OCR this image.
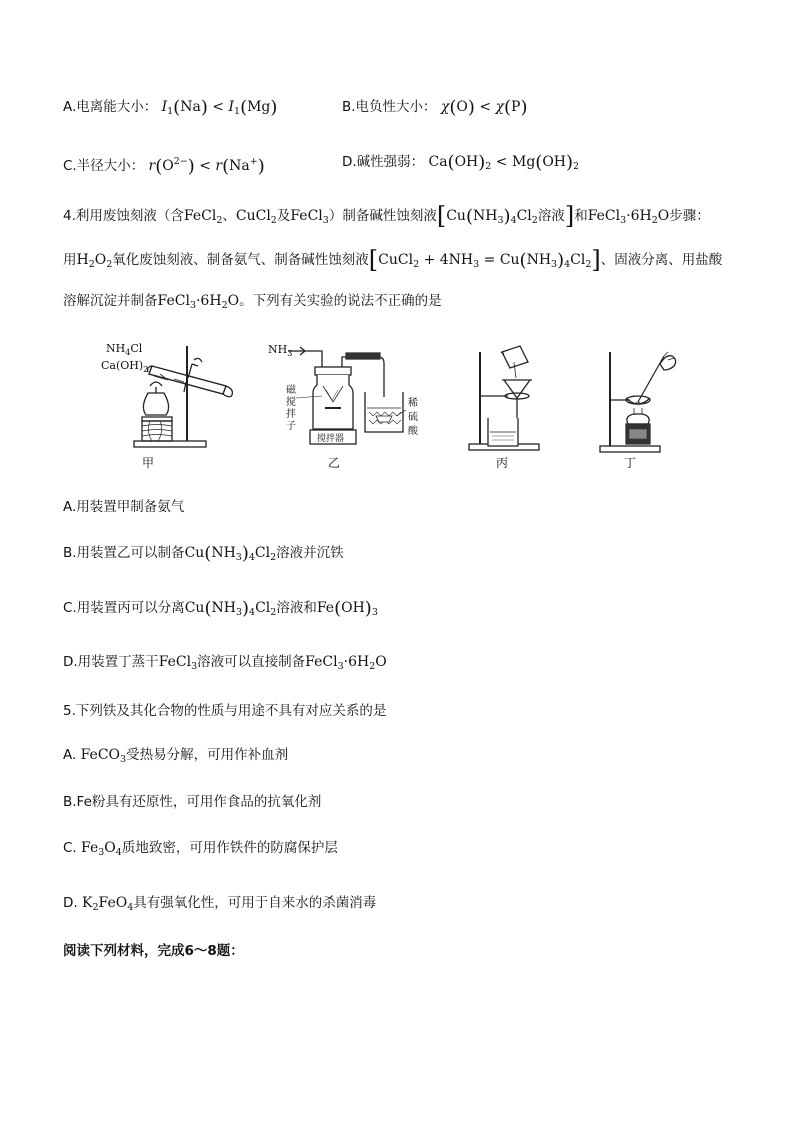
A.电离能大小： $I_1(Na) < I_1(Mg)$	B.电负性大小： χ(O) < χ(P)
C.半径大小： $r(O^{2-}) < r(Na^+)$	D.碱性强弱： $Ca(OH)_2 < Mg(OH)_2$
4.利用废蚀刻液（含FeCl$_2$、CuCl$_2$及FeCl$_3$）制备碱性蚀刻液[$Cu(NH_3)_4Cl_2$溶液]和$FeCl_3\cdot 6H_2O$步骤：
用$H_2O_2$氧化废蚀刻液、制备氨气、制备碱性蚀刻液[CuCl$_2$ + $4NH_3 = Cu(NH_3)_4Cl_2$]、固液分离、用盐酸
溶解沉淀并制备$FeCl_3\cdot 6H_2O$。下列有关实验的说法不正确的是
$NH_4Cl$
$Ca(OH)_2$
甲
$NH_3$
搅拌器
磁
搅
拌
子
稀
硫
酸
乙	丙	丁
A.用装置甲制备氨气
B.用装置乙可以制备$Cu(NH_3)_4Cl_2$溶液并沉铁
C.用装置丙可以分离$Cu(NH_3)_4Cl_2$溶液和$Fe(OH)_3$
D.用装置丁蒸干FeCl$_3$溶液可以直接制备$FeCl_3\cdot 6H_2O$
5.下列铁及其化合物的性质与用途不具有对应关系的是
A. FeCO$_3$受热易分解，可用作补血剂
B.Fe粉具有还原性，可用作食品的抗氧化剂
C. $Fe_3O_4$质地致密，可用作铁件的防腐保护层
D. $K_2FeO_4$具有强氧化性，可用于自来水的杀菌消毒
阅读下列材料，完成6～8题：
